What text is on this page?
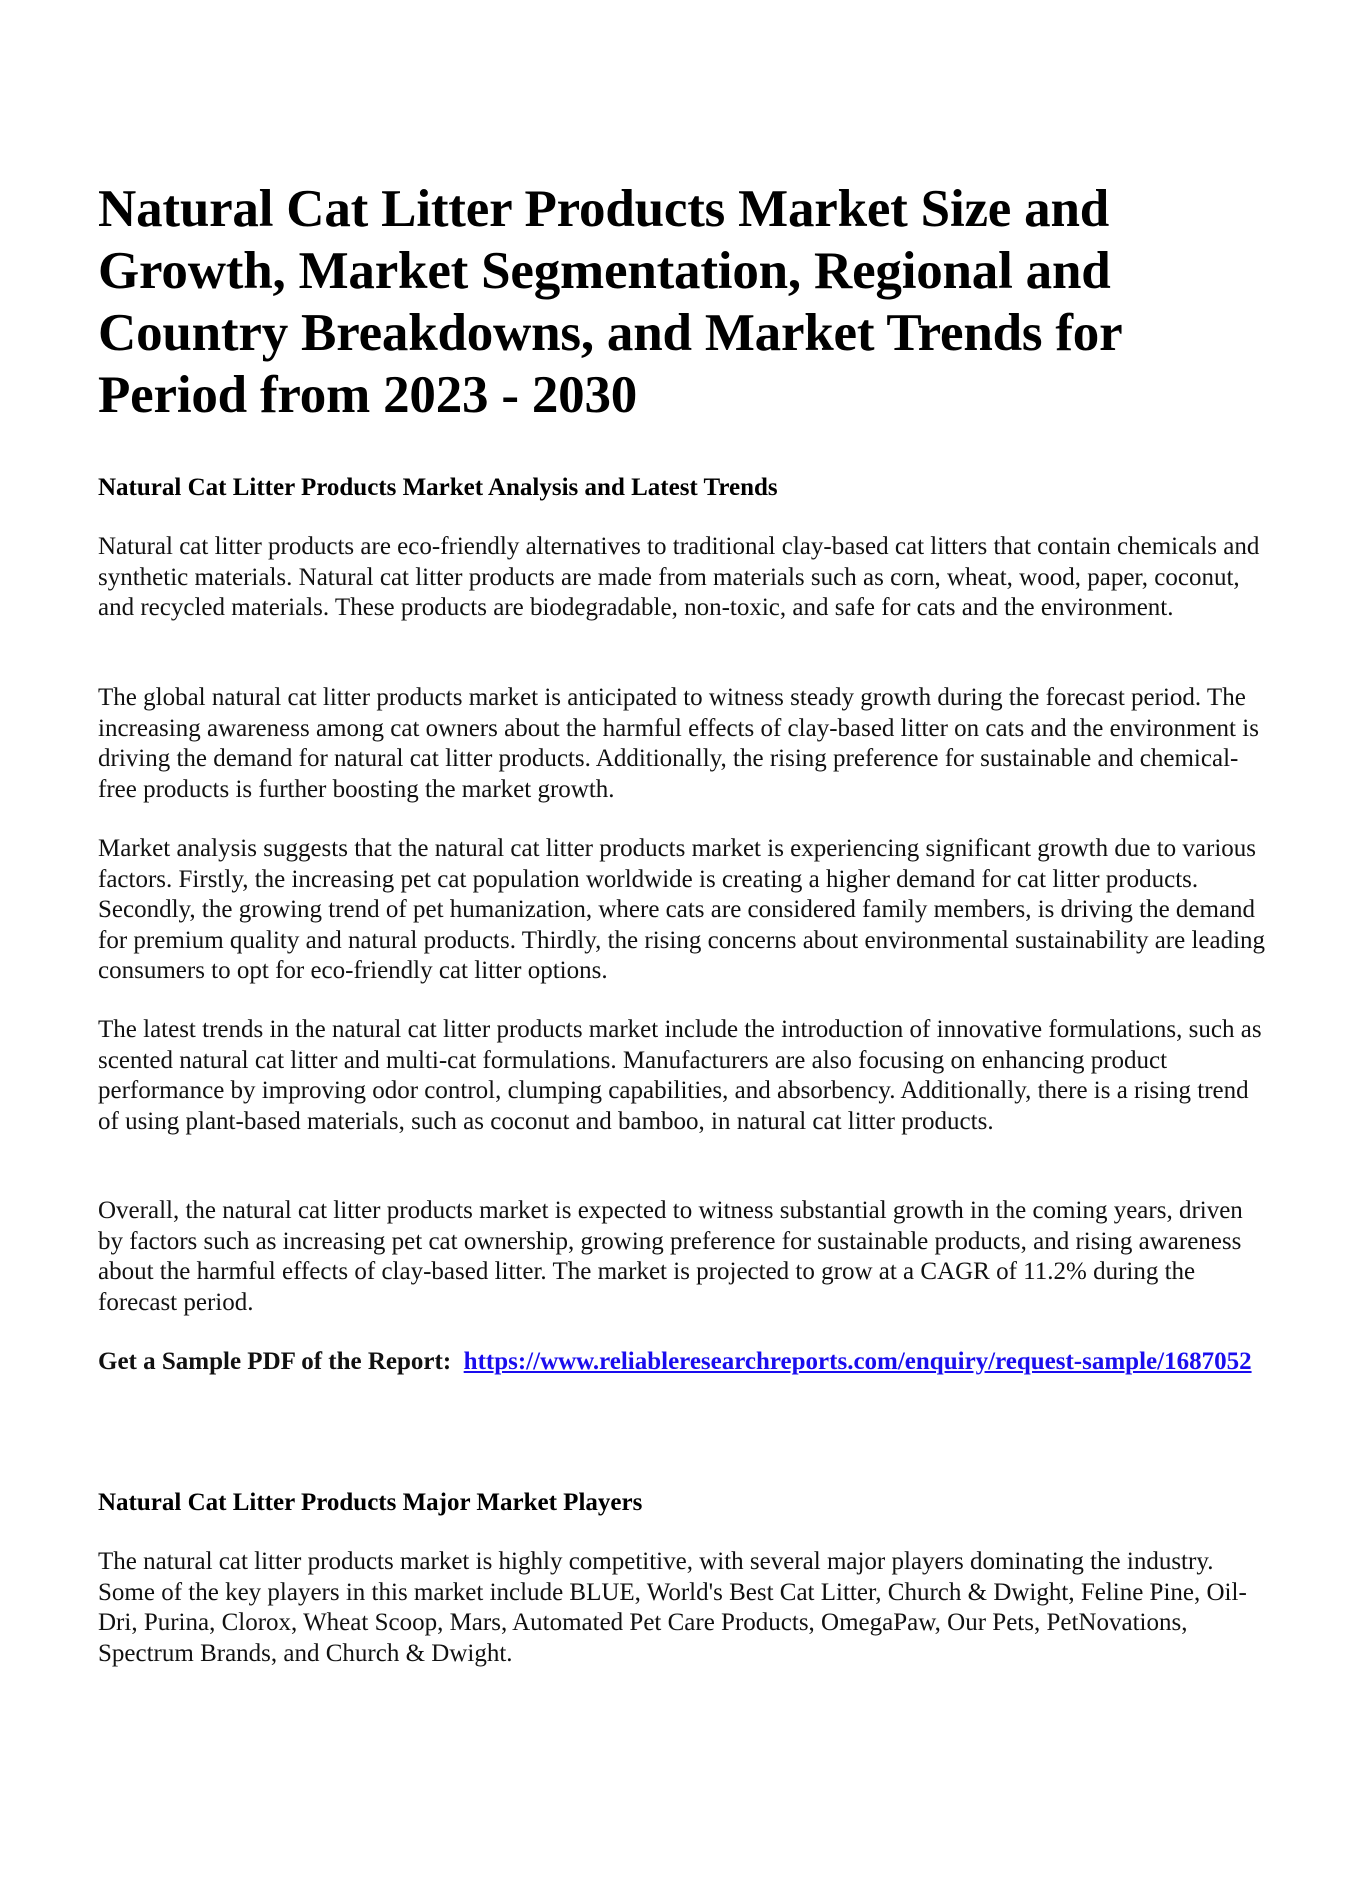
Natural Cat Litter Products Market Size and
Growth, Market Segmentation, Regional and
Country Breakdowns, and Market Trends for
Period from 2023 - 2030
Natural Cat Litter Products Market Analysis and Latest Trends

Natural cat litter products are eco-friendly alternatives to traditional clay-based cat litters that contain chemicals and synthetic materials. Natural cat litter products are made from materials such as corn, wheat, wood, paper, coconut, and recycled materials. These products are biodegradable, non-toxic, and safe for cats and the environment.

The global natural cat litter products market is anticipated to witness steady growth during the forecast period. The increasing awareness among cat owners about the harmful effects of clay-based litter on cats and the environment is driving the demand for natural cat litter products. Additionally, the rising preference for sustainable and chemical-free products is further boosting the market growth.

Market analysis suggests that the natural cat litter products market is experiencing significant growth due to various factors. Firstly, the increasing pet cat population worldwide is creating a higher demand for cat litter products. Secondly, the growing trend of pet humanization, where cats are considered family members, is driving the demand for premium quality and natural products. Thirdly, the rising concerns about environmental sustainability are leading consumers to opt for eco-friendly cat litter options.

The latest trends in the natural cat litter products market include the introduction of innovative formulations, such as scented natural cat litter and multi-cat formulations. Manufacturers are also focusing on enhancing product performance by improving odor control, clumping capabilities, and absorbency. Additionally, there is a rising trend of using plant-based materials, such as coconut and bamboo, in natural cat litter products.

Overall, the natural cat litter products market is expected to witness substantial growth in the coming years, driven by factors such as increasing pet cat ownership, growing preference for sustainable products, and rising awareness about the harmful effects of clay-based litter. The market is projected to grow at a CAGR of 11.2% during the forecast period.

Get a Sample PDF of the Report: https://www.reliableresearchreports.com/enquiry/request-sample/1687052

Natural Cat Litter Products Major Market Players

The natural cat litter products market is highly competitive, with several major players dominating the industry. Some of the key players in this market include BLUE, World's Best Cat Litter, Church & Dwight, Feline Pine, Oil-Dri, Purina, Clorox, Wheat Scoop, Mars, Automated Pet Care Products, OmegaPaw, Our Pets, PetNovations, Spectrum Brands, and Church & Dwight.
